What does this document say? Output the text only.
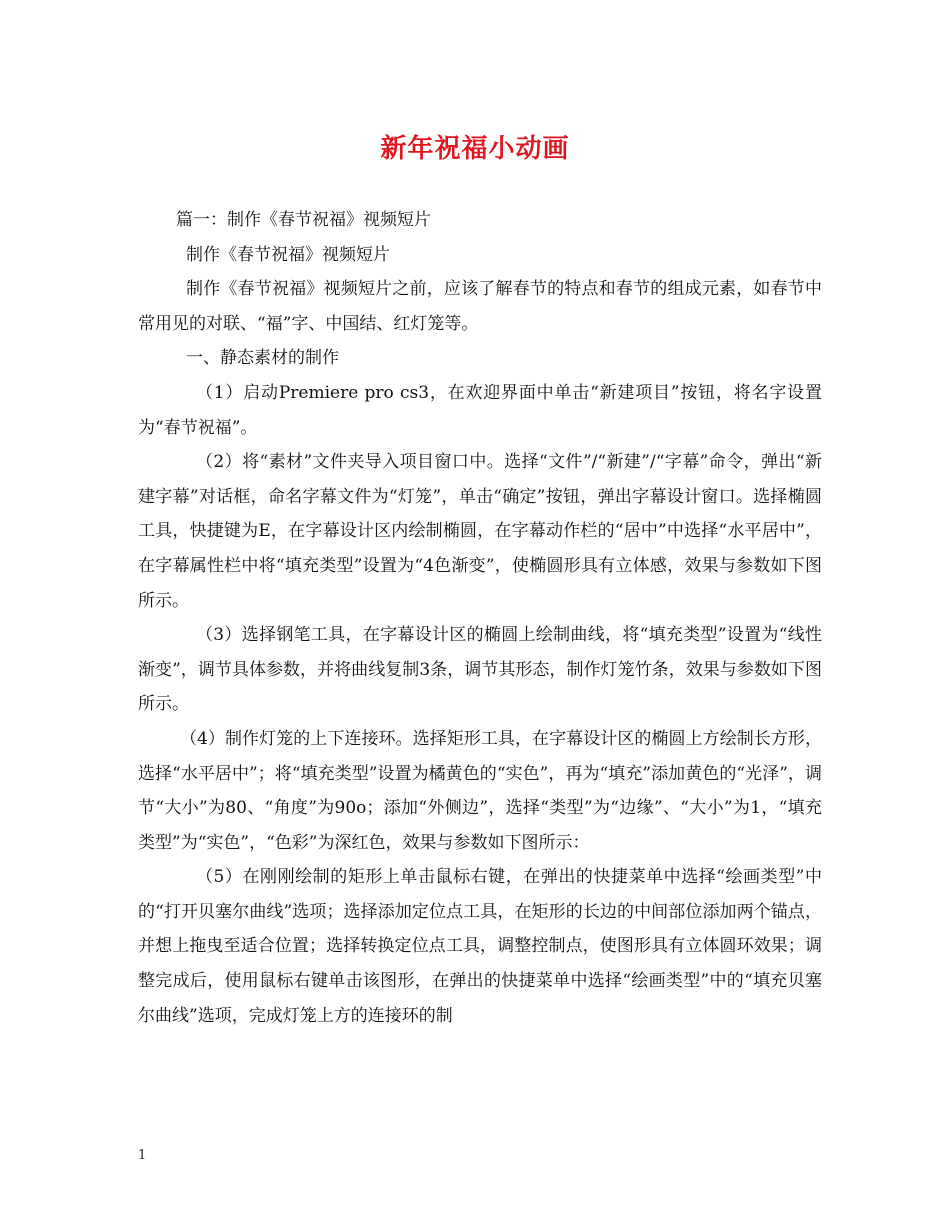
新年祝福小动画

篇一：制作《春节祝福》视频短片

制作《春节祝福》视频短片

制作《春节祝福》视频短片之前，应该了解春节的特点和春节的组成元素，如春节中常用见的对联、“福”字、中国结、红灯笼等。

一、静态素材的制作

（1）启动Premiere pro cs3，在欢迎界面中单击“新建项目”按钮，将名字设置为“春节祝福”。

（2）将“素材”文件夹导入项目窗口中。选择“文件”/“新建”/“字幕”命令，弹出“新建字幕”对话框，命名字幕文件为“灯笼”，单击“确定”按钮，弹出字幕设计窗口。选择椭圆工具，快捷键为E，在字幕设计区内绘制椭圆，在字幕动作栏的“居中”中选择“水平居中”，在字幕属性栏中将“填充类型”设置为“4色渐变”，使椭圆形具有立体感，效果与参数如下图所示。

（3）选择钢笔工具，在字幕设计区的椭圆上绘制曲线，将“填充类型”设置为“线性渐变”，调节具体参数，并将曲线复制3条，调节其形态，制作灯笼竹条，效果与参数如下图所示。

（4）制作灯笼的上下连接环。选择矩形工具，在字幕设计区的椭圆上方绘制长方形，选择“水平居中”；将“填充类型”设置为橘黄色的“实色”，再为“填充”添加黄色的“光泽”，调节“大小”为80、“角度”为90o；添加“外侧边”，选择“类型”为“边缘”、“大小”为1，“填充类型”为“实色”，“色彩”为深红色，效果与参数如下图所示：

（5）在刚刚绘制的矩形上单击鼠标右键，在弹出的快捷菜单中选择“绘画类型”中的“打开贝塞尔曲线”选项；选择添加定位点工具，在矩形的长边的中间部位添加两个锚点，并想上拖曳至适合位置；选择转换定位点工具，调整控制点，使图形具有立体圆环效果；调整完成后，使用鼠标右键单击该图形，在弹出的快捷菜单中选择“绘画类型”中的“填充贝塞尔曲线”选项，完成灯笼上方的连接环的制

1
